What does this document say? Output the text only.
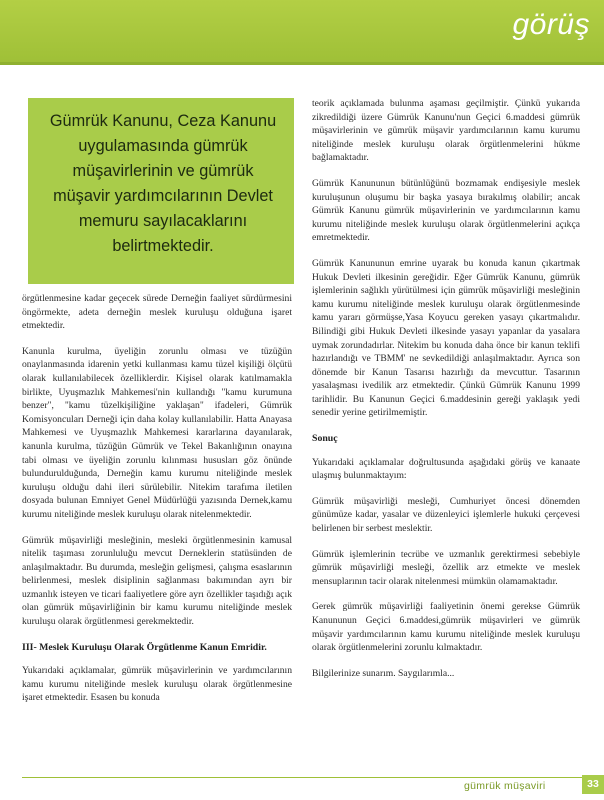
görüş

Gümrük Kanunu, Ceza Kanunu uygulamasında gümrük müşavirlerinin ve gümrük müşavir yardımcılarının Devlet memuru sayılacaklarını belirtmektedir.

örgütlenmesine kadar geçecek sürede Derneğin faaliyet sürdürmesini öngörmekte, adeta derneğin meslek kuruluşu olduğuna işaret etmektedir.

Kanunla kurulma, üyeliğin zorunlu olması ve tüzüğün onaylanmasında idarenin yetki kullanması kamu tüzel kişiliği ölçütü olarak kullanılabilecek özelliklerdir. Kişisel olarak katılmamakla birlikte, Uyuşmazlık Mahkemesi'nin kullandığı "kamu kurumuna benzer", "kamu tüzelkişiliğine yaklaşan" ifadeleri, Gümrük Komisyoncuları Derneği için daha kolay kullanılabilir. Hatta Anayasa Mahkemesi ve Uyuşmazlık Mahkemesi kararlarına dayanılarak, kanunla kurulma, tüzüğün Gümrük ve Tekel Bakanlığının onayına tabi olması ve üyeliğin zorunlu kılınması hususları göz önünde bulundurulduğunda, Derneğin kamu kurumu niteliğinde meslek kuruluşu olduğu dahi ileri sürülebilir. Nitekim tarafıma iletilen dosyada bulunan Emniyet Genel Müdürlüğü yazısında Dernek,kamu kurumu niteliğinde meslek kuruluşu olarak nitelenmektedir.

Gümrük müşavirliği mesleğinin, mesleki örgütlenmesinin kamusal nitelik taşıması zorunluluğu mevcut Derneklerin statüsünden de anlaşılmaktadır. Bu durumda, mesleğin gelişmesi, çalışma esaslarının belirlenmesi, meslek disiplinin sağlanması bakımından ayrı bir uzmanlık isteyen ve ticari faaliyetlere göre ayrı özellikler taşıdığı açık olan gümrük müşavirliğinin bir kamu kurumu niteliğinde meslek kuruluşu olarak örgütlenmesi gerekmektedir.

III- Meslek Kuruluşu Olarak Örgütlenme Kanun Emridir.

Yukarıdaki açıklamalar, gümrük müşavirlerinin ve yardımcılarının kamu kurumu niteliğinde meslek kuruluşu olarak örgütlenmesine işaret etmektedir. Esasen bu konuda

teorik açıklamada bulunma aşaması geçilmiştir. Çünkü yukarıda zikredildiği üzere Gümrük Kanunu'nun Geçici 6.maddesi gümrük müşavirlerinin ve gümrük müşavir yardımcılarının kamu kurumu niteliğinde meslek kuruluşu olarak örgütlenmelerini hükme bağlamaktadır.

Gümrük Kanununun bütünlüğünü bozmamak endişesiyle meslek kuruluşunun oluşumu bir başka yasaya bırakılmış olabilir; ancak Gümrük Kanunu gümrük müşavirlerinin ve yardımcılarının kamu kurumu niteliğinde meslek kuruluşu olarak örgütlenmelerini açıkça emretmektedir.

Gümrük Kanununun emrine uyarak bu konuda kanun çıkartmak Hukuk Devleti ilkesinin gereğidir. Eğer Gümrük Kanunu, gümrük işlemlerinin sağlıklı yürütülmesi için gümrük müşavirliği mesleğinin kamu kurumu niteliğinde meslek kuruluşu olarak örgütlenmesinde kamu yararı görmüşse,Yasa Koyucu gereken yasayı çıkartmalıdır. Bilindiği gibi Hukuk Devleti ilkesinde yasayı yapanlar da yasalara uymak zorundadırlar. Nitekim bu konuda daha önce bir kanun teklifi hazırlandığı ve TBMM' ne sevkedildiği anlaşılmaktadır. Ayrıca son dönemde bir Kanun Tasarısı hazırlığı da mevcuttur. Tasarının yasalaşması ivedilik arz etmektedir. Çünkü Gümrük Kanunu 1999 tarihlidir. Bu Kanunun Geçici 6.maddesinin gereği yaklaşık yedi senedir yerine getirilmemiştir.

Sonuç

Yukarıdaki açıklamalar doğrultusunda aşağıdaki görüş ve kanaate ulaşmış bulunmaktayım:

Gümrük müşavirliği mesleği, Cumhuriyet öncesi dönemden günümüze kadar, yasalar ve düzenleyici işlemlerle hukuki çerçevesi belirlenen bir serbest meslektir.

Gümrük işlemlerinin tecrübe ve uzmanlık gerektirmesi sebebiyle gümrük müşavirliği mesleği, özellik arz etmekte ve meslek mensuplarının tacir olarak nitelenmesi mümkün olamamaktadır.

Gerek gümrük müşavirliği faaliyetinin önemi gerekse Gümrük Kanununun Geçici 6.maddesi,gümrük müşavirleri ve gümrük müşavir yardımcılarının kamu kurumu niteliğinde meslek kuruluşu olarak örgütlenmelerini zorunlu kılmaktadır.

Bilgilerinize sunarım. Saygılarımla...

gümrük müşaviri	33
